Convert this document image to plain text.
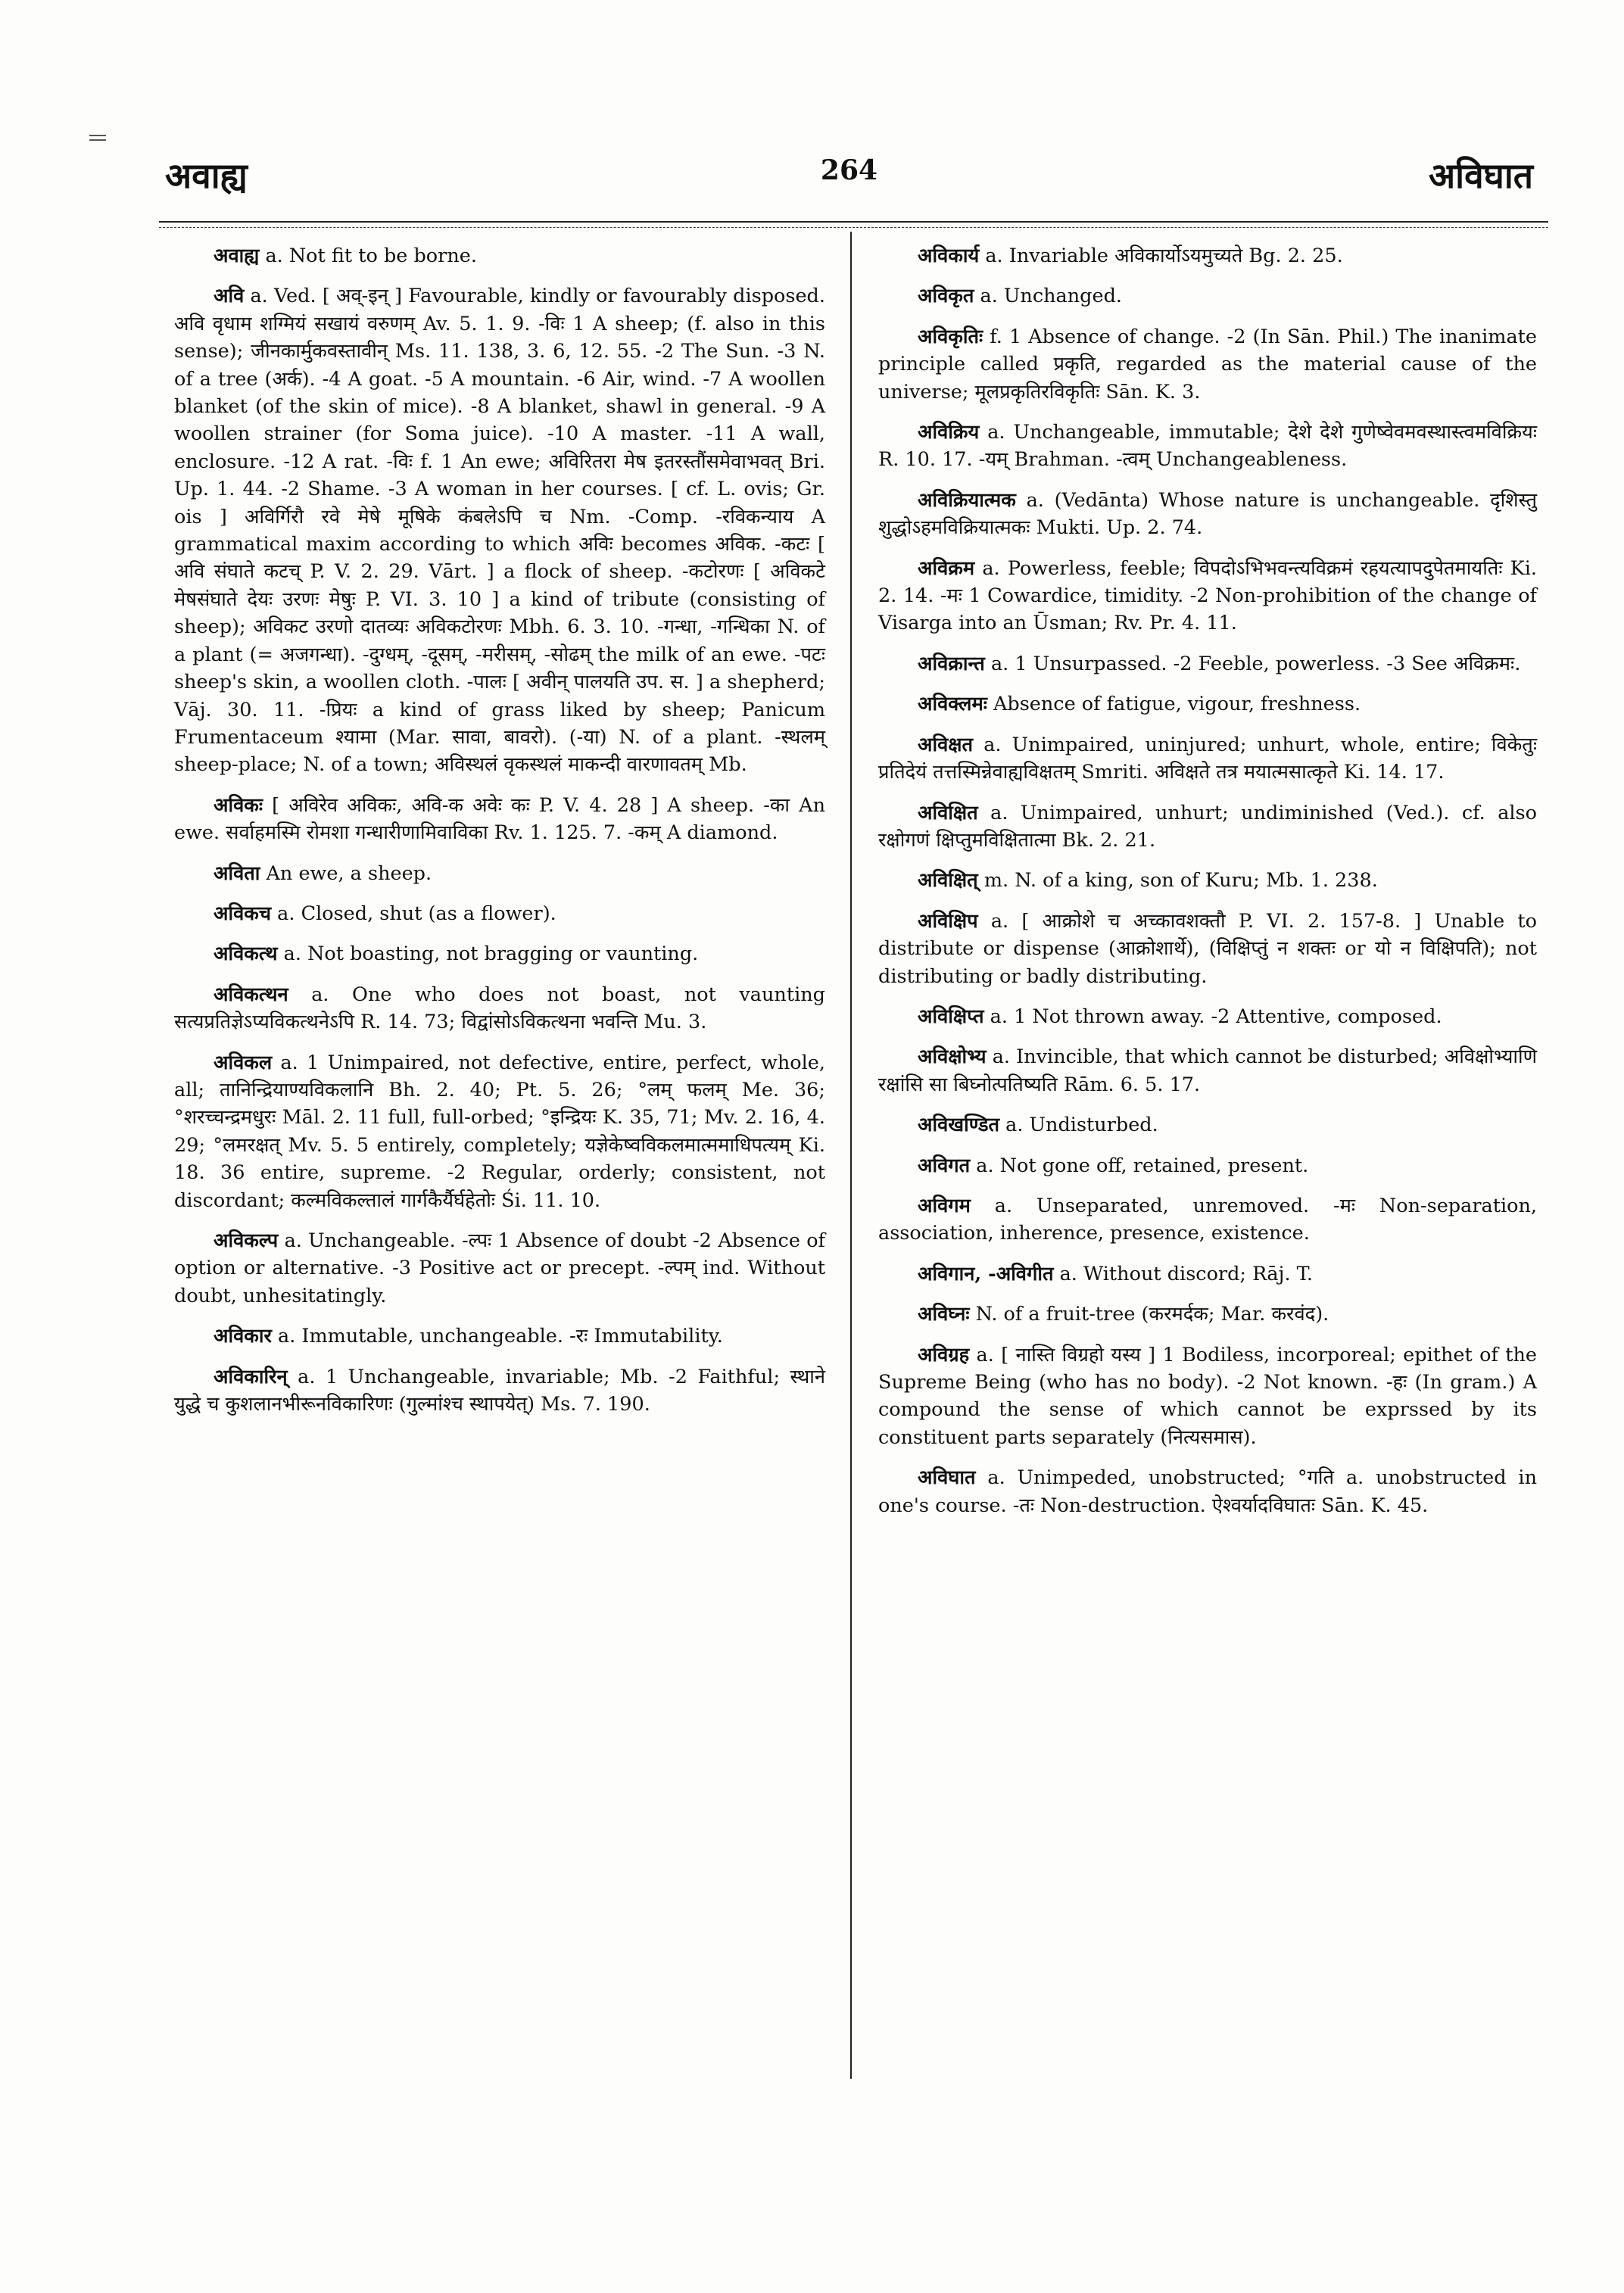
अवाह्य	264	अविघात

अवाह्य a. Not fit to be borne.

अवि a. Ved. [ अव्-इन् ] Favourable, kindly or favourably disposed. अवि वृधाम शग्मियं सखायं वरुणम् Av. 5. 1. 9. -विः 1 A sheep; (f. also in this sense); जीनकार्मुकवस्तावीन् Ms. 11. 138, 3. 6, 12. 55. -2 The Sun. -3 N. of a tree (अर्क). -4 A goat. -5 A mountain. -6 Air, wind. -7 A woollen blanket (of the skin of mice). -8 A blanket, shawl in general. -9 A woollen strainer (for Soma juice). -10 A master. -11 A wall, enclosure. -12 A rat. -विः f. 1 An ewe; अविरितरा मेष इतरस्तौंसमेवाभवत् Bri. Up. 1. 44. -2 Shame. -3 A woman in her courses. [ cf. L. ovis; Gr. ois ] अविर्गिरौ रवे मेषे मूषिके कंबलेऽपि च Nm. -Comp. -रविकन्याय A grammatical maxim according to which अविः becomes अविक. -कटः [ अवि संघाते कटच् P. V. 2. 29. Vārt. ] a flock of sheep. -कटोरणः [ अविकटे मेषसंघाते देयः उरणः मेषुः P. VI. 3. 10 ] a kind of tribute (consisting of sheep); अविकट उरणो दातव्यः अविकटोरणः Mbh. 6. 3. 10. -गन्धा, -गन्धिका N. of a plant (= अजगन्धा). -दुग्धम्, -दूसम्, -मरीसम्, -सोढम् the milk of an ewe. -पटः sheep's skin, a woollen cloth. -पालः [ अवीन् पालयति उप. स. ] a shepherd; Vāj. 30. 11. -प्रियः a kind of grass liked by sheep; Panicum Frumentaceum श्यामा (Mar. सावा, बावरो). (-या) N. of a plant. -स्थलम् sheep-place; N. of a town; अविस्थलं वृकस्थलं माकन्दी वारणावतम् Mb.

अविकः [ अविरेव अविकः, अवि-क अवेः कः P. V. 4. 28 ] A sheep. -का An ewe. सर्वाहमस्मि रोमशा गन्धारीणामिवाविका Rv. 1. 125. 7. -कम् A diamond.

अविता An ewe, a sheep.

अविकच a. Closed, shut (as a flower).

अविकत्थ a. Not boasting, not bragging or vaunting.

अविकत्थन a. One who does not boast, not vaunting सत्यप्रतिज्ञेऽप्यविकत्थनेऽपि R. 14. 73; विद्वांसोऽविकत्थना भवन्ति Mu. 3.

अविकल a. 1 Unimpaired, not defective, entire, perfect, whole, all; तानिन्द्रियाण्यविकलानि Bh. 2. 40; Pt. 5. 26; °लम् फलम् Me. 36; °शरच्चन्द्रमधुरः Māl. 2. 11 full, full-orbed; °इन्द्रियः K. 35, 71; Mv. 2. 16, 4. 29; °लमरक्षत् Mv. 5. 5 entirely, completely; यज्ञेकेष्वविकलमात्ममाधिपत्यम् Ki. 18. 36 entire, supreme. -2 Regular, orderly; consistent, not discordant; कल्मविकल्तालं गार्गकैर्यैर्घहेतोः Śi. 11. 10.

अविकल्प a. Unchangeable. -ल्पः 1 Absence of doubt -2 Absence of option or alternative. -3 Positive act or precept. -ल्पम् ind. Without doubt, unhesitatingly.

अविकार a. Immutable, unchangeable. -रः Immutability.

अविकारिन् a. 1 Unchangeable, invariable; Mb. -2 Faithful; स्थाने युद्धे च कुशलानभीरूनविकारिणः (गुल्मांश्च स्थापयेत्) Ms. 7. 190.

अविकार्य a. Invariable अविकार्योऽयमुच्यते Bg. 2. 25.

अविकृत a. Unchanged.

अविकृतिः f. 1 Absence of change. -2 (In Sān. Phil.) The inanimate principle called प्रकृति, regarded as the material cause of the universe; मूलप्रकृतिरविकृतिः Sān. K. 3.

अविक्रिय a. Unchangeable, immutable; देशे देशे गुणेष्वेवमवस्थास्त्वमविक्रियः R. 10. 17. -यम् Brahman. -त्वम् Unchangeableness.

अविक्रियात्मक a. (Vedānta) Whose nature is unchangeable. दृशिस्तु शुद्धोऽहमविक्रियात्मकः Mukti. Up. 2. 74.

अविक्रम a. Powerless, feeble; विपदोऽभिभवन्त्यविक्रमं रहयत्यापदुपेतमायतिः Ki. 2. 14. -मः 1 Cowardice, timidity. -2 Non-prohibition of the change of Visarga into an Ūsman; Rv. Pr. 4. 11.

अविक्रान्त a. 1 Unsurpassed. -2 Feeble, powerless. -3 See अविक्रमः.

अविक्लमः Absence of fatigue, vigour, freshness.

अविक्षत a. Unimpaired, uninjured; unhurt, whole, entire; विकेतुः प्रतिदेयं तत्तस्मिन्नेवाह्यविक्षतम् Smriti. अविक्षते तत्र मयात्मसात्कृते Ki. 14. 17.

अविक्षित a. Unimpaired, unhurt; undiminished (Ved.). cf. also रक्षोगणं क्षिप्तुमविक्षितात्मा Bk. 2. 21.

अविक्षित् m. N. of a king, son of Kuru; Mb. 1. 238.

अविक्षिप a. [ आक्रोशे च अच्कावशक्तौ P. VI. 2. 157-8. ] Unable to distribute or dispense (आक्रोशार्थे), (विक्षिप्तुं न शक्तः or यो न विक्षिपति); not distributing or badly distributing.

अविक्षिप्त a. 1 Not thrown away. -2 Attentive, composed.

अविक्षोभ्य a. Invincible, that which cannot be disturbed; अविक्षोभ्याणि रक्षांसि सा बिघ्नोत्पतिष्यति Rām. 6. 5. 17.

अविखण्डित a. Undisturbed.

अविगत a. Not gone off, retained, present.

अविगम a. Unseparated, unremoved. -मः Non-separation, association, inherence, presence, existence.

अविगान, -अविगीत a. Without discord; Rāj. T.

अविघ्नः N. of a fruit-tree (करमर्दक; Mar. करवंद).

अविग्रह a. [ नास्ति विग्रहो यस्य ] 1 Bodiless, incorporeal; epithet of the Supreme Being (who has no body). -2 Not known. -हः (In gram.) A compound the sense of which cannot be exprssed by its constituent parts separately (नित्यसमास).

अविघात a. Unimpeded, unobstructed; °गति a. unobstructed in one's course. -तः Non-destruction. ऐश्वर्यादविघातः Sān. K. 45.
